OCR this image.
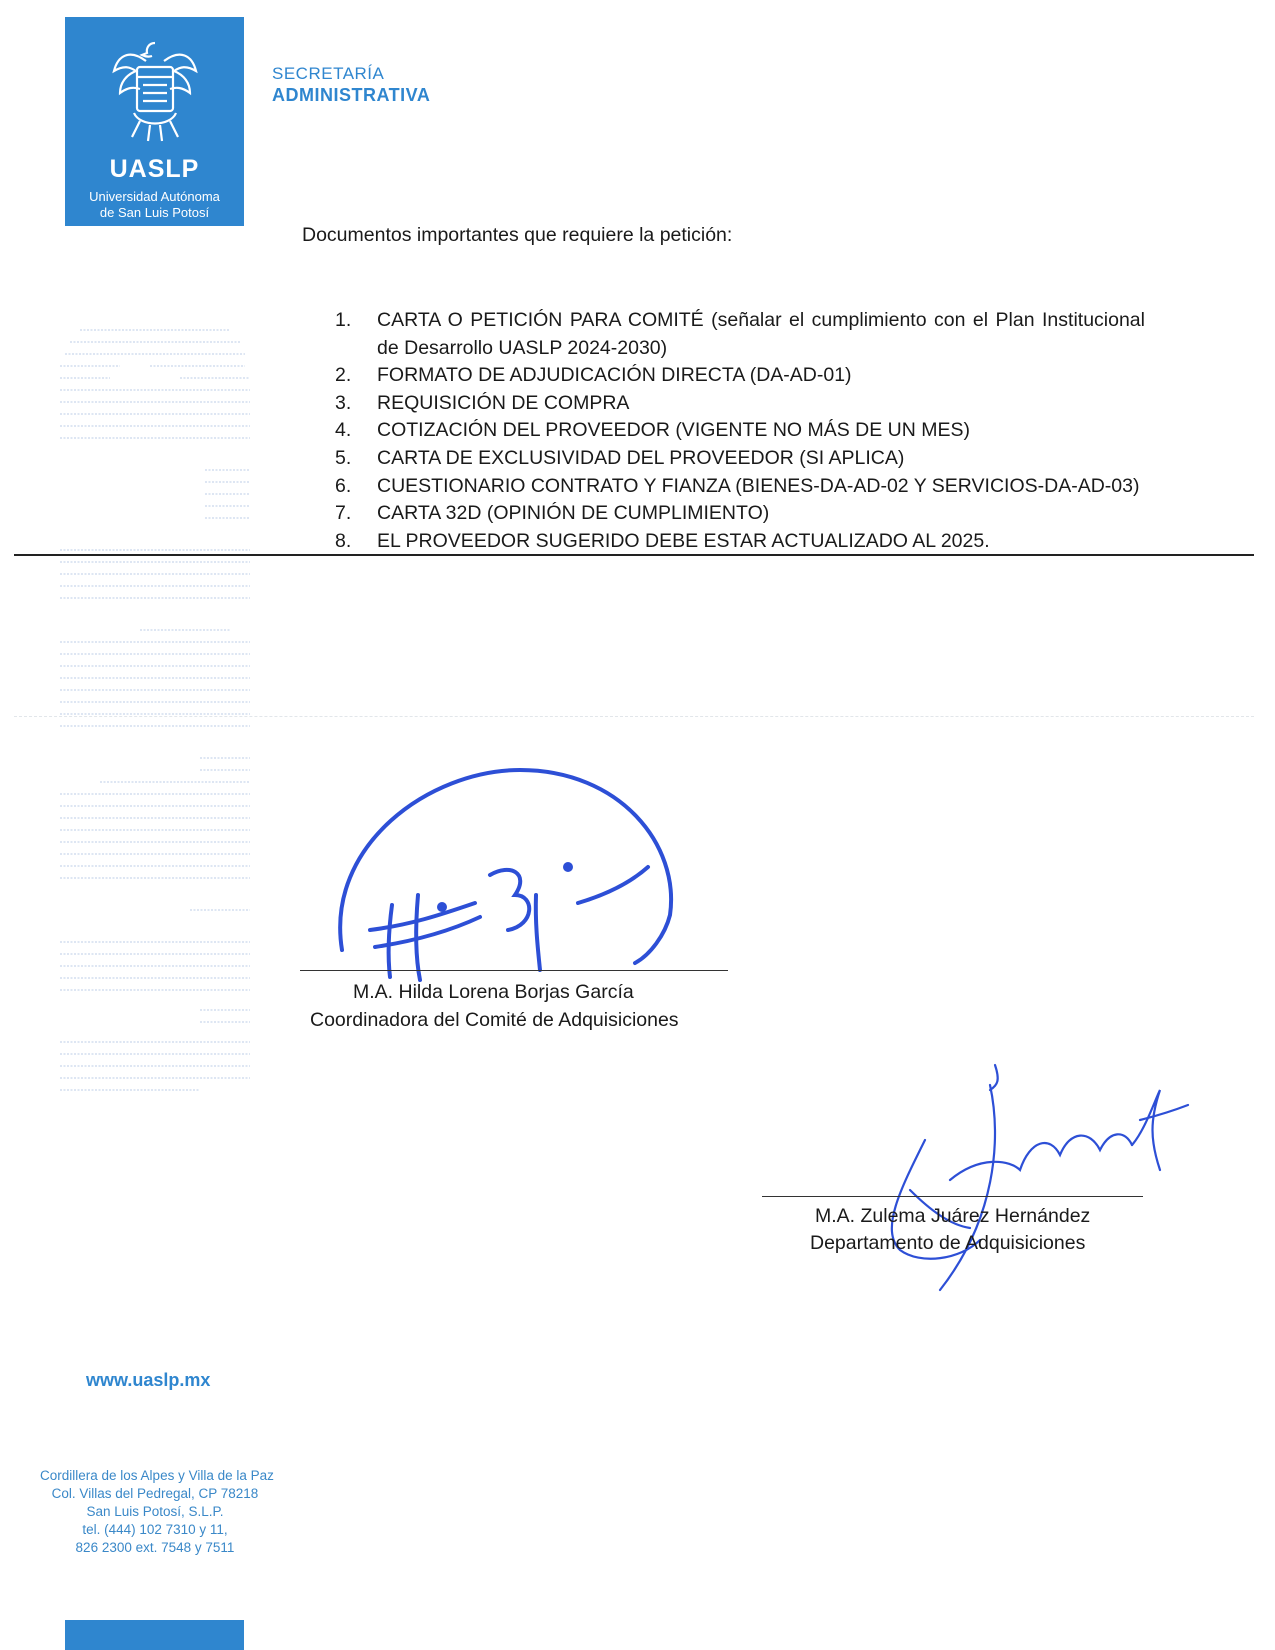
UASLP
Universidad Autónoma
de San Luis Potosí
SECRETARÍA
ADMINISTRATIVA
Documentos importantes que requiere la petición:
1.	CARTA O PETICIÓN PARA COMITÉ (señalar el cumplimiento con el Plan Institucional de Desarrollo UASLP 2024-2030)
2.	FORMATO DE ADJUDICACIÓN DIRECTA (DA-AD-01)
3.	REQUISICIÓN DE COMPRA
4.	COTIZACIÓN DEL PROVEEDOR (VIGENTE NO MÁS DE UN MES)
5.	CARTA DE EXCLUSIVIDAD DEL PROVEEDOR (SI APLICA)
6.	CUESTIONARIO CONTRATO Y FIANZA (BIENES-DA-AD-02 Y SERVICIOS-DA-AD-03)
7.	CARTA 32D (OPINIÓN DE CUMPLIMIENTO)
8.	EL PROVEEDOR SUGERIDO DEBE ESTAR ACTUALIZADO AL 2025.
M.A. Hilda Lorena Borjas García
Coordinadora del Comité de Adquisiciones
M.A. Zulema Juárez Hernández
Departamento de Adquisiciones
www.uaslp.mx
Cordillera de los Alpes y Villa de la Paz
Col. Villas del Pedregal, CP 78218
San Luis Potosí, S.L.P.
tel. (444) 102 7310 y 11,
826 2300 ext. 7548 y 7511
